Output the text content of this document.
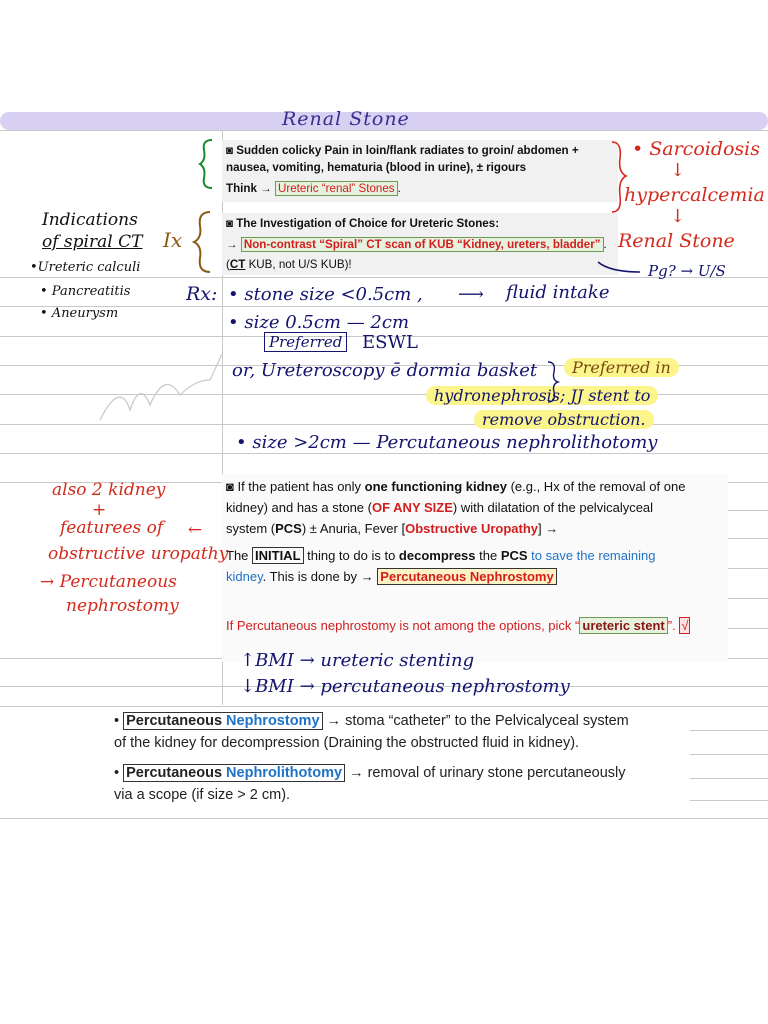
Renal Stone
◙ Sudden colicky Pain in loin/flank radiates to groin/ abdomen +
nausea, vomiting, hematuria (blood in urine), ± rigours
Think → Ureteric “renal” Stones .
◙ The Investigation of Choice for Ureteric Stones:
→ Non-contrast “Spiral” CT scan of KUB “Kidney, ureters, bladder” .
(CT KUB, not U/S KUB)!
◙ If the patient has only one functioning kidney (e.g., Hx of the removal of one
kidney) and has a stone (OF ANY SIZE) with dilatation of the pelvicalyceal
system (PCS) ± Anuria, Fever [Obstructive Uropathy] →
The INITIAL thing to do is to decompress the PCS to save the remaining
kidney. This is done by → Percutaneous Nephrostomy
If Percutaneous nephrostomy is not among the options, pick “ ureteric stent ”. √
• Sarcoidosis
↓
hypercalcemia
↓
Renal Stone
Pg? → U/S
Indications
of spiral CT Ix
•Ureteric calculi
• Pancreatitis
• Aneurysm
Rx: • stone size <0.5cm , ⟶ fluid intake
• size 0.5cm — 2cm
Preferred ESWL
or, Ureteroscopy ē dormia basket	Preferred in
hydronephrosis; JJ stent to
remove obstruction.
• size >2cm — Percutaneous nephrolithotomy
also 2 kidney
+
featurees of ←
obstructive uropathy
→ Percutaneous
nephrostomy
↑BMI → ureteric stenting
↓BMI → percutaneous nephrostomy
• Percutaneous Nephrostomy → stoma “catheter” to the Pelvicalyceal system
of the kidney for decompression (Draining the obstructed fluid in kidney).
• Percutaneous Nephrolithotomy → removal of urinary stone percutaneously
via a scope (if size > 2 cm).
